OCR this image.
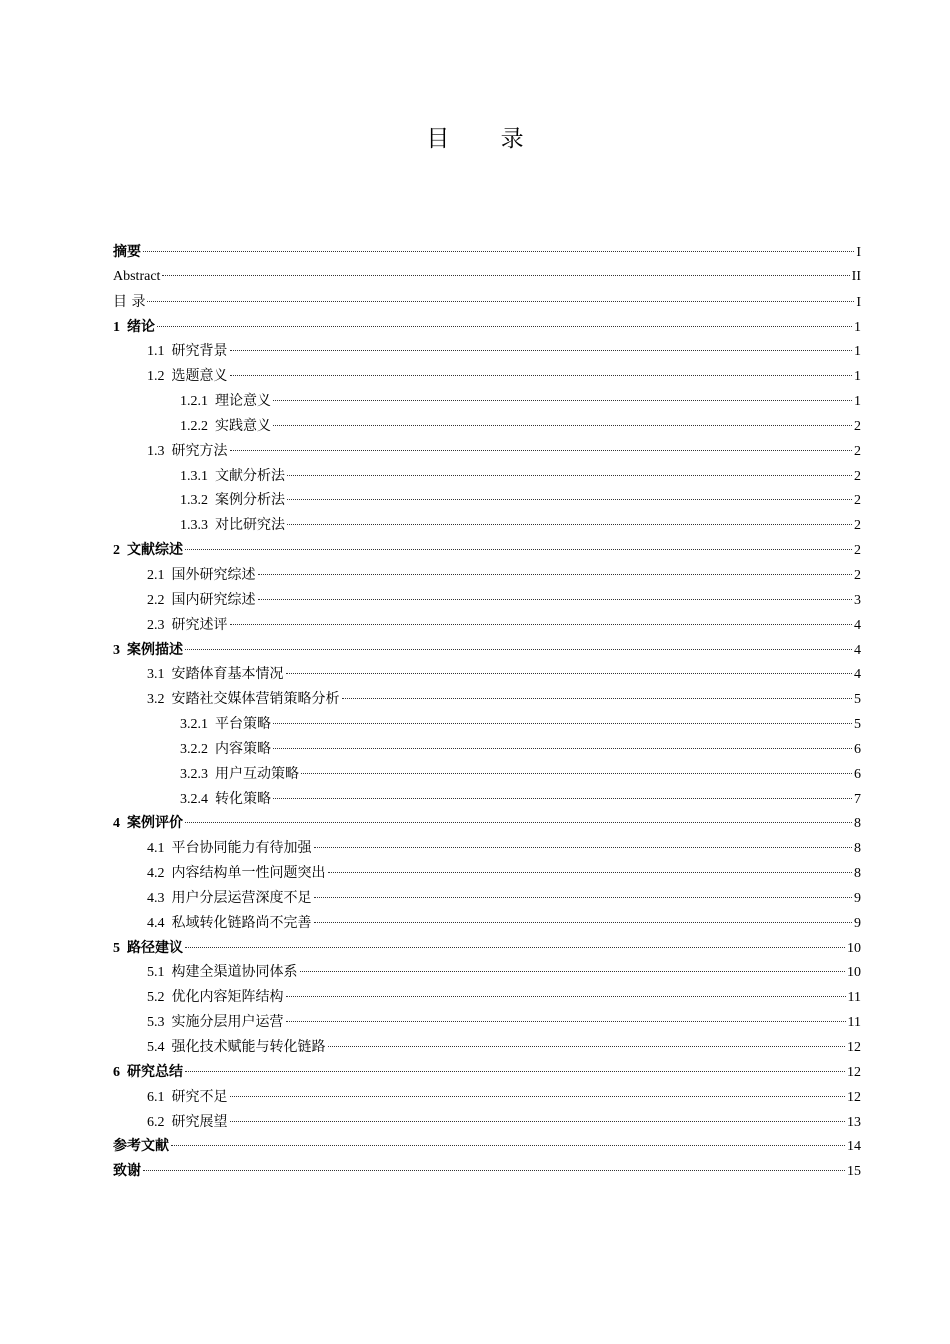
目 录
摘要	I
Abstract	II
目 录	I
1 绪论	1
1.1 研究背景	1
1.2 选题意义	1
1.2.1 理论意义	1
1.2.2 实践意义	2
1.3 研究方法	2
1.3.1 文献分析法	2
1.3.2 案例分析法	2
1.3.3 对比研究法	2
2 文献综述	2
2.1 国外研究综述	2
2.2 国内研究综述	3
2.3 研究述评	4
3 案例描述	4
3.1 安踏体育基本情况	4
3.2 安踏社交媒体营销策略分析	5
3.2.1 平台策略	5
3.2.2 内容策略	6
3.2.3 用户互动策略	6
3.2.4 转化策略	7
4 案例评价	8
4.1 平台协同能力有待加强	8
4.2 内容结构单一性问题突出	8
4.3 用户分层运营深度不足	9
4.4 私域转化链路尚不完善	9
5 路径建议	10
5.1 构建全渠道协同体系	10
5.2 优化内容矩阵结构	11
5.3 实施分层用户运营	11
5.4 强化技术赋能与转化链路	12
6 研究总结	12
6.1 研究不足	12
6.2 研究展望	13
参考文献	14
致谢	15
